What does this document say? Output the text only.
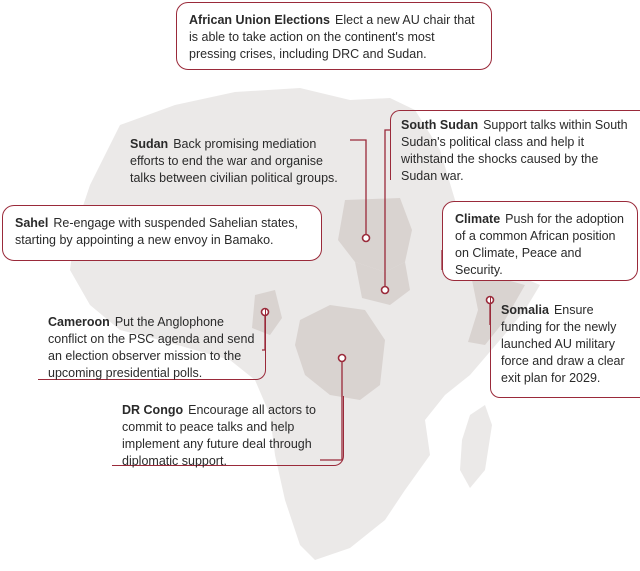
African Union Elections Elect a new AU chair that is able to take action on the continent's most pressing crises, including DRC and Sudan.
Sudan Back promising mediation efforts to end the war and organise talks between civilian political groups.
South Sudan Support talks within South Sudan's political class and help it withstand the shocks caused by the Sudan war.
Sahel Re-engage with suspended Sahelian states, starting by appointing a new envoy in Bamako.
Climate Push for the adoption of a common African position on Climate, Peace and Security.
Cameroon Put the Anglophone conflict on the PSC agenda and send an election observer mission to the upcoming presidential polls.
Somalia Ensure funding for the newly launched AU military force and draw a clear exit plan for 2029.
DR Congo Encourage all actors to commit to peace talks and help implement any future deal through diplomatic support.
